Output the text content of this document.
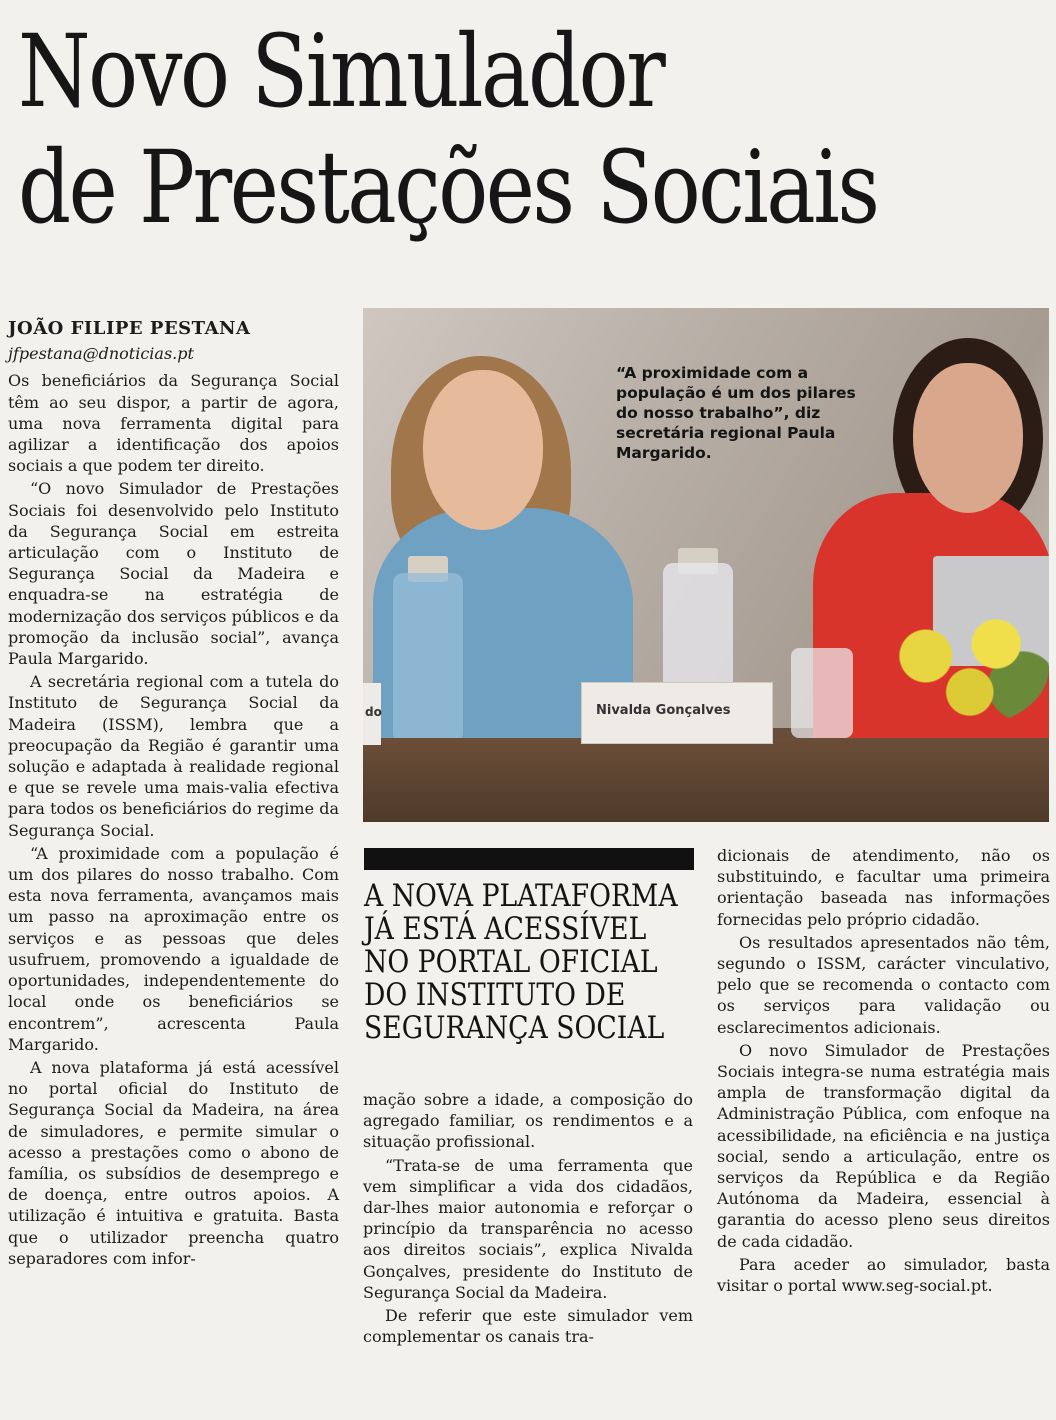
Novo Simulador
de Prestações Sociais
JOÃO FILIPE PESTANA
jfpestana@dnoticias.pt

Os beneficiários da Segurança Social têm ao seu dispor, a partir de agora, uma nova ferramenta digital para agilizar a identificação dos apoios sociais a que podem ter direito.

“O novo Simulador de Prestações Sociais foi desenvolvido pelo Instituto da Segurança Social em estreita articulação com o Instituto de Segurança Social da Madeira e enquadra-se na estratégia de modernização dos serviços públicos e da promoção da inclusão social”, avança Paula Margarido.

A secretária regional com a tutela do Instituto de Segurança Social da Madeira (ISSM), lembra que a preocupação da Região é garantir uma solução e adaptada à realidade regional e que se revele uma mais-valia efectiva para todos os beneficiários do regime da Segurança Social.

“A proximidade com a população é um dos pilares do nosso trabalho. Com esta nova ferramenta, avançamos mais um passo na aproximação entre os serviços e as pessoas que deles usufruem, promovendo a igualdade de oportunidades, independentemente do local onde os beneficiários se encontrem”, acrescenta Paula Margarido.

A nova plataforma já está acessível no portal oficial do Instituto de Segurança Social da Madeira, na área de simuladores, e permite simular o acesso a prestações como o abono de família, os subsídios de desemprego e de doença, entre outros apoios. A utilização é intuitiva e gratuita. Basta que o utilizador preencha quatro separadores com infor-

do	Nivalda Gonçalves
“A proximidade com a população é um dos pilares do nosso trabalho”, diz secretária regional Paula Margarido.
A NOVA PLATAFORMA JÁ ESTÁ ACESSÍVEL NO PORTAL OFICIAL DO INSTITUTO DE SEGURANÇA SOCIAL

mação sobre a idade, a composição do agregado familiar, os rendimentos e a situação profissional.

“Trata-se de uma ferramenta que vem simplificar a vida dos cidadãos, dar-lhes maior autonomia e reforçar o princípio da transparência no acesso aos direitos sociais”, explica Nivalda Gonçalves, presidente do Instituto de Segurança Social da Madeira.

De referir que este simulador vem complementar os canais tra-

dicionais de atendimento, não os substituindo, e facultar uma primeira orientação baseada nas informações fornecidas pelo próprio cidadão.

Os resultados apresentados não têm, segundo o ISSM, carácter vinculativo, pelo que se recomenda o contacto com os serviços para validação ou esclarecimentos adicionais.

O novo Simulador de Prestações Sociais integra-se numa estratégia mais ampla de transformação digital da Administração Pública, com enfoque na acessibilidade, na eficiência e na justiça social, sendo a articulação, entre os serviços da República e da Região Autónoma da Madeira, essencial à garantia do acesso pleno seus direitos de cada cidadão.

Para aceder ao simulador, basta visitar o portal www.seg-social.pt.
